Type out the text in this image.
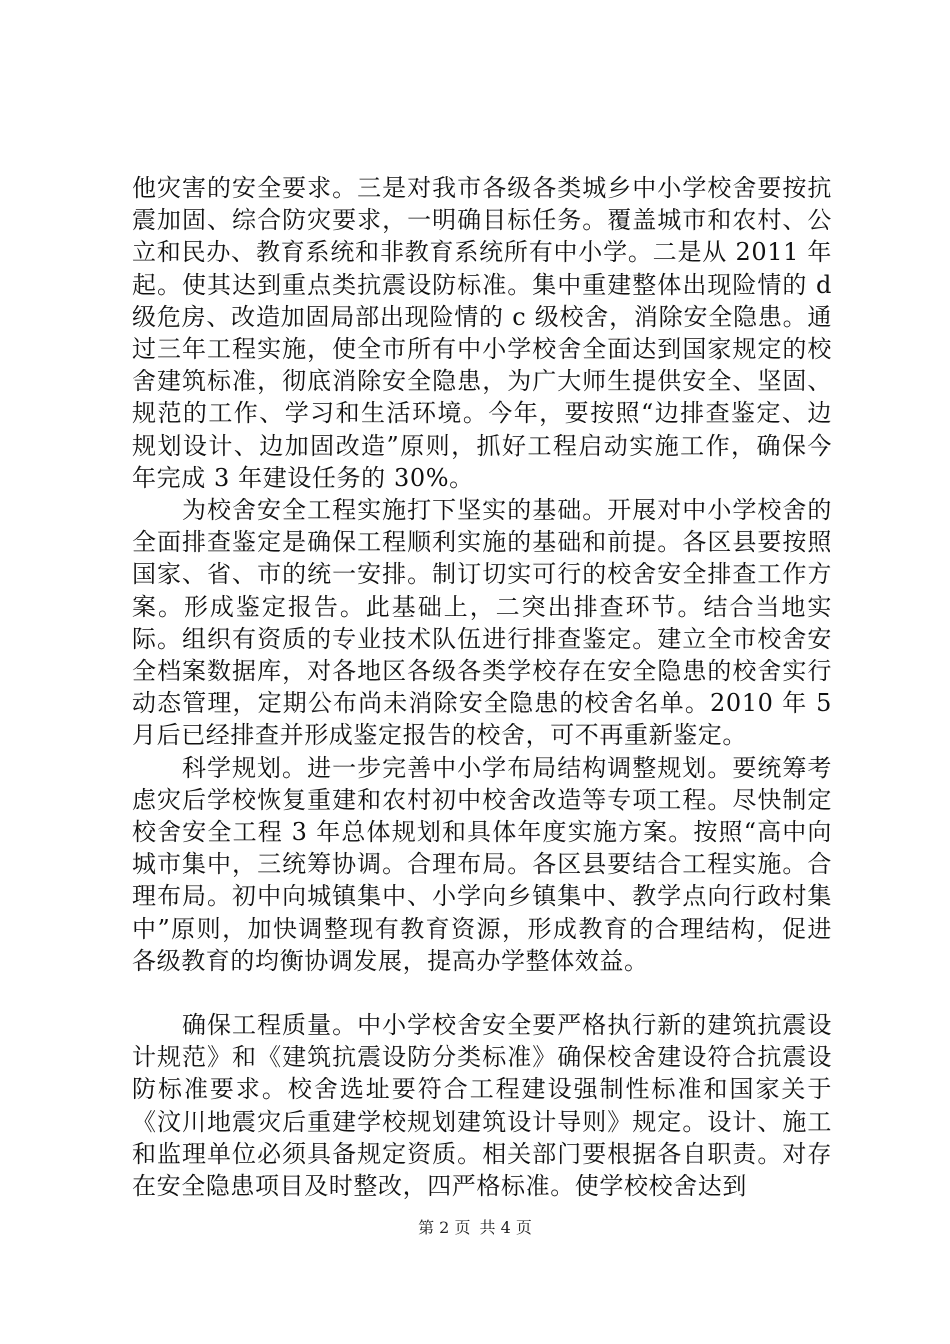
他灾害的安全要求。三是对我市各级各类城乡中小学校舍要按抗震加固、综合防灾要求，一明确目标任务。覆盖城市和农村、公立和民办、教育系统和非教育系统所有中小学。二是从 2011 年起。使其达到重点类抗震设防标准。集中重建整体出现险情的 d 级危房、改造加固局部出现险情的 c 级校舍，消除安全隐患。通过三年工程实施，使全市所有中小学校舍全面达到国家规定的校舍建筑标准，彻底消除安全隐患，为广大师生提供安全、坚固、规范的工作、学习和生活环境。今年，要按照“边排查鉴定、边规划设计、边加固改造”原则，抓好工程启动实施工作，确保今年完成 3 年建设任务的 30%。

为校舍安全工程实施打下坚实的基础。开展对中小学校舍的全面排查鉴定是确保工程顺利实施的基础和前提。各区县要按照国家、省、市的统一安排。制订切实可行的校舍安全排查工作方案。形成鉴定报告。此基础上，二突出排查环节。结合当地实际。组织有资质的专业技术队伍进行排查鉴定。建立全市校舍安全档案数据库，对各地区各级各类学校存在安全隐患的校舍实行动态管理，定期公布尚未消除安全隐患的校舍名单。2010 年 5 月后已经排查并形成鉴定报告的校舍，可不再重新鉴定。

科学规划。进一步完善中小学布局结构调整规划。要统筹考虑灾后学校恢复重建和农村初中校舍改造等专项工程。尽快制定校舍安全工程 3 年总体规划和具体年度实施方案。按照“高中向城市集中，三统筹协调。合理布局。各区县要结合工程实施。合理布局。初中向城镇集中、小学向乡镇集中、教学点向行政村集中”原则，加快调整现有教育资源，形成教育的合理结构，促进各级教育的均衡协调发展，提高办学整体效益。

确保工程质量。中小学校舍安全要严格执行新的建筑抗震设计规范》和《建筑抗震设防分类标准》确保校舍建设符合抗震设防标准要求。校舍选址要符合工程建设强制性标准和国家关于《汶川地震灾后重建学校规划建筑设计导则》规定。设计、施工和监理单位必须具备规定资质。相关部门要根据各自职责。对存在安全隐患项目及时整改，四严格标准。使学校校舍达到

第 2 页 共 4 页
